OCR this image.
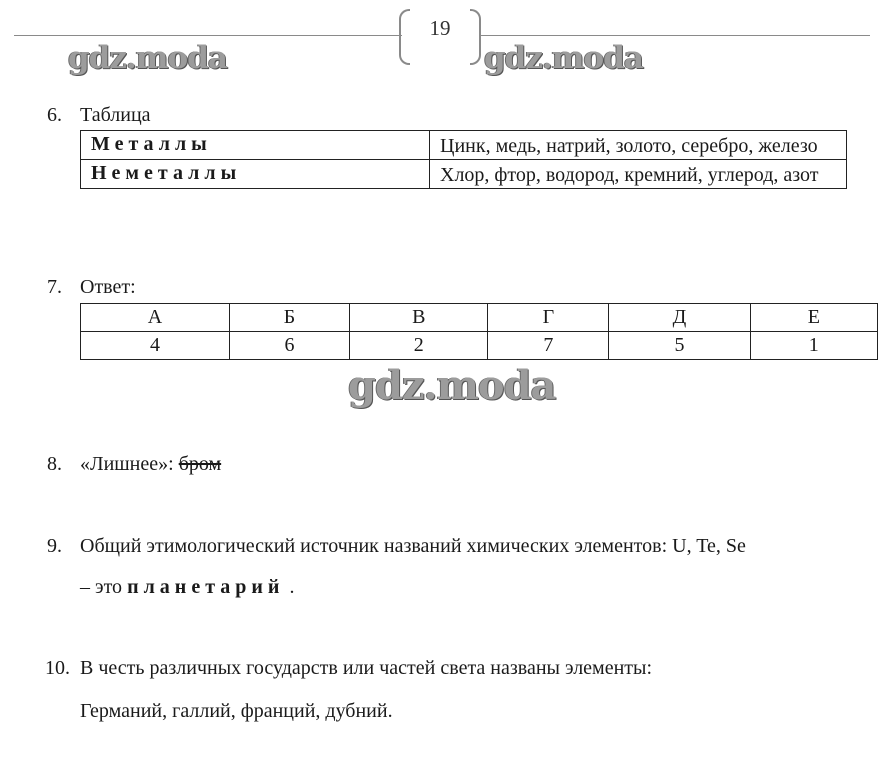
19
gdz.moda	gdz.moda
6. Таблица
Металлы	Цинк, медь, натрий, золото, серебро, железо
Неметаллы	Хлор, фтор, водород, кремний, углерод, азот
7. Ответ:
А	Б	В	Г	Д	Е
4	6	2	7	5	1
gdz.moda
8. «Лишнее»: бром
9. Общий этимологический источник названий химических элементов: U, Te, Se
– это планетарий .
10. В честь различных государств или частей света названы элементы:
Германий, галлий, франций, дубний.
